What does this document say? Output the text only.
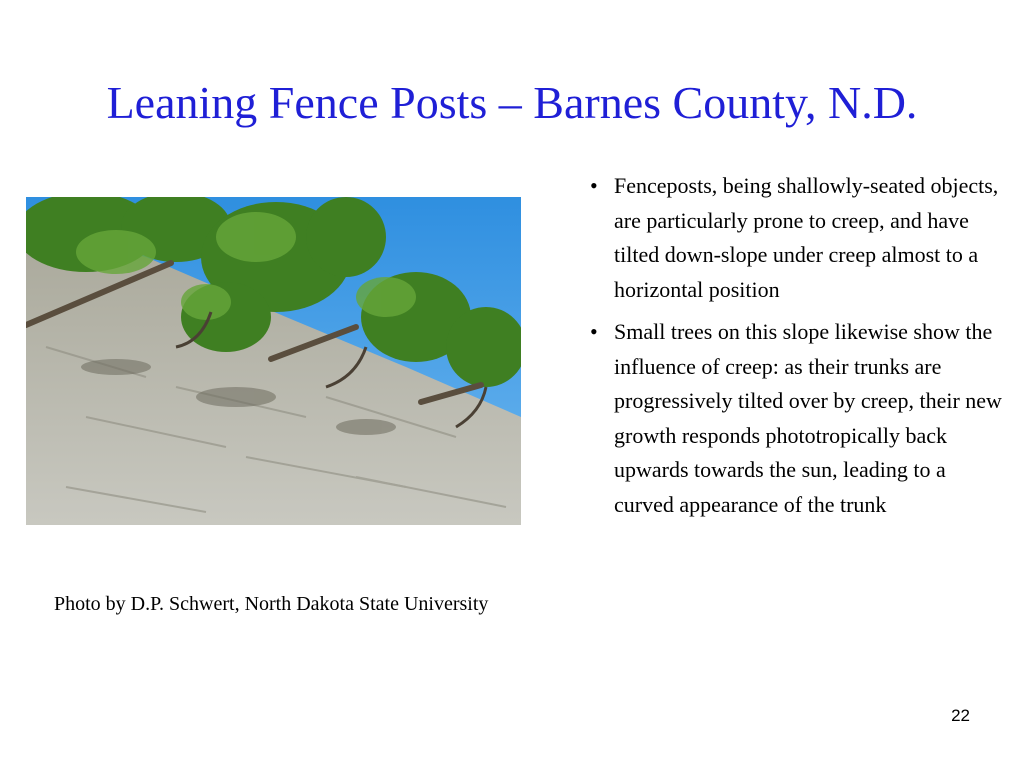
Leaning Fence Posts – Barnes County, N.D.
Photo by D.P. Schwert, North Dakota State University
• Fenceposts, being shallowly-seated objects, are particularly prone to creep, and have tilted down-slope under creep almost to a horizontal position
• Small trees on this slope likewise show the influence of creep: as their trunks are progressively tilted over by creep, their new growth responds phototropically back upwards towards the sun, leading to a curved appearance of the trunk
22
